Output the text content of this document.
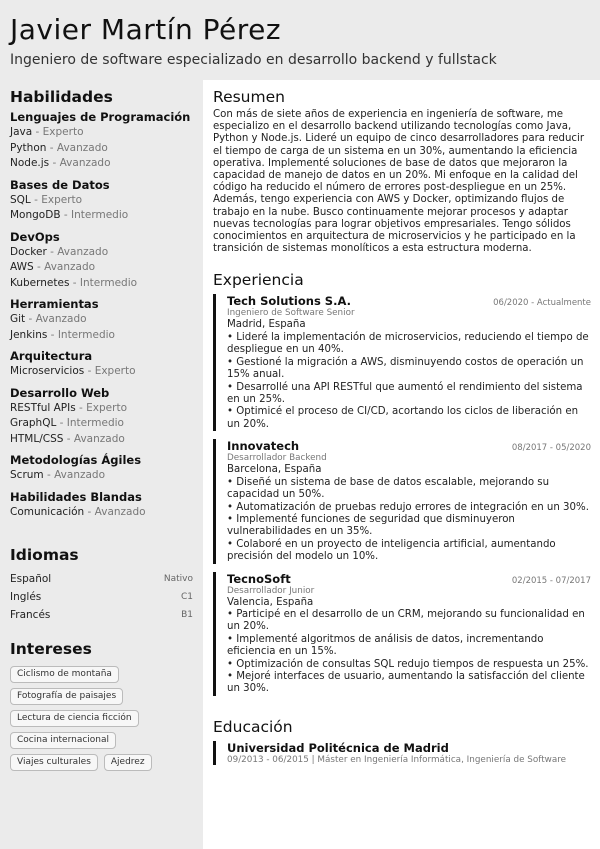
Javier Martín Pérez
Ingeniero de software especializado en desarrollo backend y fullstack
Habilidades
Lenguajes de Programación
Java - Experto
Python - Avanzado
Node.js - Avanzado
Bases de Datos
SQL - Experto
MongoDB - Intermedio
DevOps
Docker - Avanzado
AWS - Avanzado
Kubernetes - Intermedio
Herramientas
Git - Avanzado
Jenkins - Intermedio
Arquitectura
Microservicios - Experto
Desarrollo Web
RESTful APIs - Experto
GraphQL - Intermedio
HTML/CSS - Avanzado
Metodologías Ágiles
Scrum - Avanzado
Habilidades Blandas
Comunicación - Avanzado
Idiomas
Español	Nativo
Inglés	C1
Francés	B1
Intereses
Ciclismo de montaña
Fotografía de paisajes
Lectura de ciencia ficción
Cocina internacional
Viajes culturales	Ajedrez
Resumen
Con más de siete años de experiencia en ingeniería de software, me especializo en el desarrollo backend utilizando tecnologías como Java, Python y Node.js. Lideré un equipo de cinco desarrolladores para reducir el tiempo de carga de un sistema en un 30%, aumentando la eficiencia operativa. Implementé soluciones de base de datos que mejoraron la capacidad de manejo de datos en un 20%. Mi enfoque en la calidad del código ha reducido el número de errores post-despliegue en un 25%. Además, tengo experiencia con AWS y Docker, optimizando flujos de trabajo en la nube. Busco continuamente mejorar procesos y adaptar nuevas tecnologías para lograr objetivos empresariales. Tengo sólidos conocimientos en arquitectura de microservicios y he participado en la transición de sistemas monolíticos a esta estructura moderna.
Experiencia
Tech Solutions S.A.	06/2020 - Actualmente
Ingeniero de Software Senior
Madrid, España
• Lideré la implementación de microservicios, reduciendo el tiempo de despliegue en un 40%.
• Gestioné la migración a AWS, disminuyendo costos de operación un 15% anual.
• Desarrollé una API RESTful que aumentó el rendimiento del sistema en un 25%.
• Optimicé el proceso de CI/CD, acortando los ciclos de liberación en un 20%.
Innovatech	08/2017 - 05/2020
Desarrollador Backend
Barcelona, España
• Diseñé un sistema de base de datos escalable, mejorando su capacidad un 50%.
• Automatización de pruebas redujo errores de integración en un 30%.
• Implementé funciones de seguridad que disminuyeron vulnerabilidades en un 35%.
• Colaboré en un proyecto de inteligencia artificial, aumentando precisión del modelo un 10%.
TecnoSoft	02/2015 - 07/2017
Desarrollador Junior
Valencia, España
• Participé en el desarrollo de un CRM, mejorando su funcionalidad en un 20%.
• Implementé algoritmos de análisis de datos, incrementando eficiencia en un 15%.
• Optimización de consultas SQL redujo tiempos de respuesta un 25%.
• Mejoré interfaces de usuario, aumentando la satisfacción del cliente un 30%.
Educación
Universidad Politécnica de Madrid
09/2013 - 06/2015 | Máster en Ingeniería Informática, Ingeniería de Software
